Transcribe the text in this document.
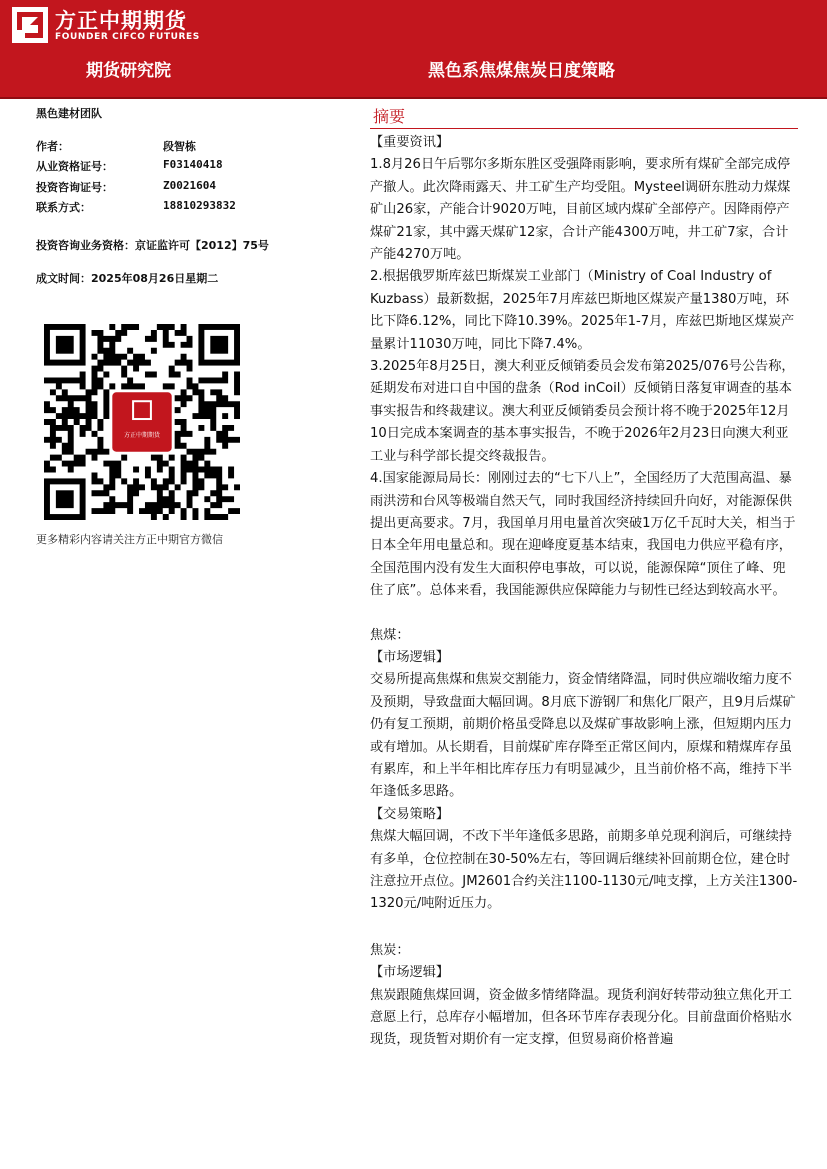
方正中期期货
FOUNDER CIFCO FUTURES
期货研究院	黑色系焦煤焦炭日度策略
黑色建材团队
作者：	段智栋
从业资格证号：	F03140418
投资咨询证号：	Z0021604
联系方式：	18810293832
投资咨询业务资格：京证监许可【2012】75号
成文时间：2025年08月26日星期二
方正中期期货
更多精彩内容请关注方正中期官方微信
摘要

【重要资讯】

1.8月26日午后鄂尔多斯东胜区受强降雨影响，要求所有煤矿全部完成停产撤人。此次降雨露天、井工矿生产均受阻。Mysteel调研东胜动力煤煤矿山26家，产能合计9020万吨，目前区域内煤矿全部停产。因降雨停产煤矿21家，其中露天煤矿12家，合计产能4300万吨，井工矿7家，合计产能4270万吨。

2.根据俄罗斯库兹巴斯煤炭工业部门（Ministry of Coal Industry of Kuzbass）最新数据，2025年7月库兹巴斯地区煤炭产量1380万吨，环比下降6.12%，同比下降10.39%。2025年1-7月，库兹巴斯地区煤炭产量累计11030万吨，同比下降7.4%。

3.2025年8月25日，澳大利亚反倾销委员会发布第2025/076号公告称，延期发布对进口自中国的盘条（Rod inCoil）反倾销日落复审调查的基本事实报告和终裁建议。澳大利亚反倾销委员会预计将不晚于2025年12月10日完成本案调查的基本事实报告，不晚于2026年2月23日向澳大利亚工业与科学部长提交终裁报告。

4.国家能源局局长：刚刚过去的“七下八上”，全国经历了大范围高温、暴雨洪涝和台风等极端自然天气，同时我国经济持续回升向好，对能源保供提出更高要求。7月，我国单月用电量首次突破1万亿千瓦时大关，相当于日本全年用电量总和。现在迎峰度夏基本结束，我国电力供应平稳有序，全国范围内没有发生大面积停电事故，可以说，能源保障“顶住了峰、兜住了底”。总体来看，我国能源供应保障能力与韧性已经达到较高水平。

焦煤：

【市场逻辑】

交易所提高焦煤和焦炭交割能力，资金情绪降温，同时供应端收缩力度不及预期，导致盘面大幅回调。8月底下游钢厂和焦化厂限产，且9月后煤矿仍有复工预期，前期价格虽受降息以及煤矿事故影响上涨，但短期内压力或有增加。从长期看，目前煤矿库存降至正常区间内，原煤和精煤库存虽有累库，和上半年相比库存压力有明显减少，且当前价格不高，维持下半年逢低多思路。

【交易策略】

焦煤大幅回调，不改下半年逢低多思路，前期多单兑现利润后，可继续持有多单，仓位控制在30-50%左右，等回调后继续补回前期仓位，建仓时注意拉开点位。JM2601合约关注1100-1130元/吨支撑，上方关注1300-1320元/吨附近压力。

焦炭：

【市场逻辑】

焦炭跟随焦煤回调，资金做多情绪降温。现货利润好转带动独立焦化开工意愿上行，总库存小幅增加，但各环节库存表现分化。目前盘面价格贴水现货，现货暂对期价有一定支撑，但贸易商价格普遍
